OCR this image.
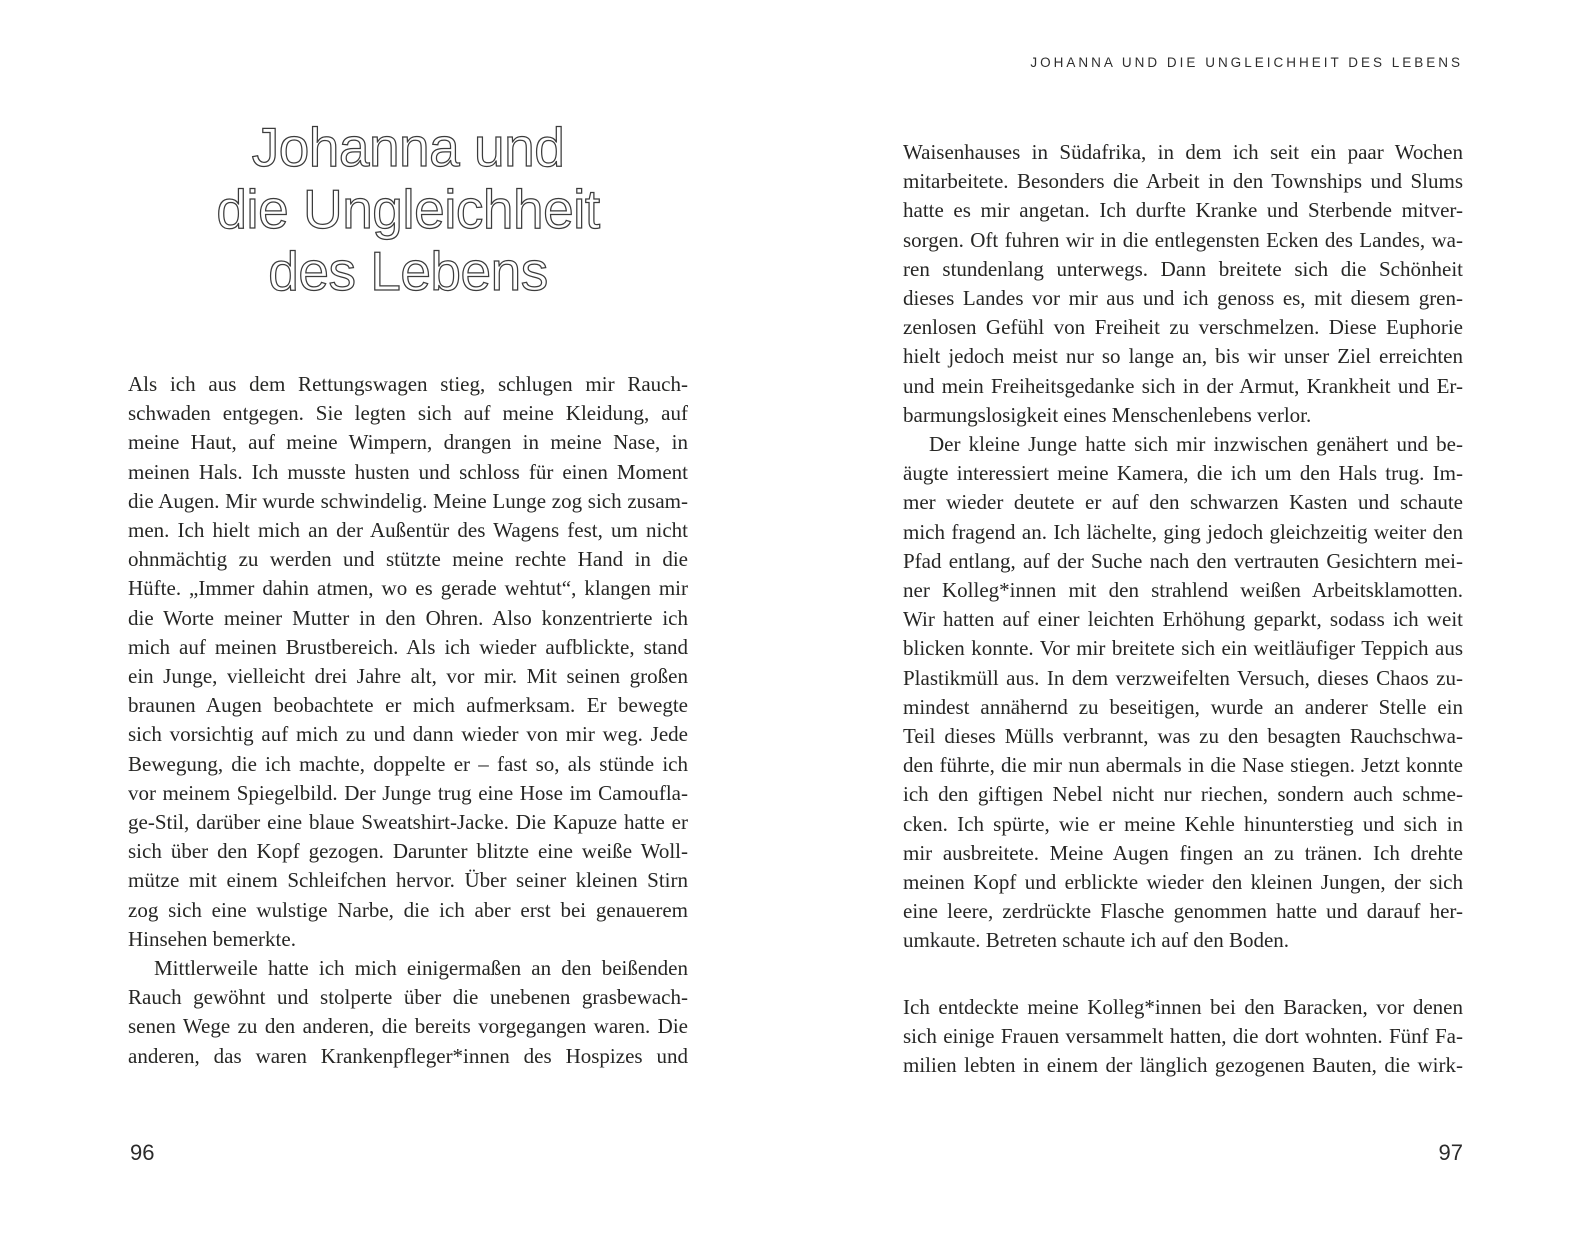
Johanna und
die Ungleichheit
des Lebens
Als ich aus dem Rettungswagen stieg, schlugen mir Rauch-
schwaden entgegen. Sie legten sich auf meine Kleidung, auf
meine Haut, auf meine Wimpern, drangen in meine Nase, in
meinen Hals. Ich musste husten und schloss für einen Moment
die Augen. Mir wurde schwindelig. Meine Lunge zog sich zusam-
men. Ich hielt mich an der Außentür des Wagens fest, um nicht
ohnmächtig zu werden und stützte meine rechte Hand in die
Hüfte. „Immer dahin atmen, wo es gerade wehtut“, klangen mir
die Worte meiner Mutter in den Ohren. Also konzentrierte ich
mich auf meinen Brustbereich. Als ich wieder aufblickte, stand
ein Junge, vielleicht drei Jahre alt, vor mir. Mit seinen großen
braunen Augen beobachtete er mich aufmerksam. Er bewegte
sich vorsichtig auf mich zu und dann wieder von mir weg. Jede
Bewegung, die ich machte, doppelte er – fast so, als stünde ich
vor meinem Spiegelbild. Der Junge trug eine Hose im Camoufla-
ge-Stil, darüber eine blaue Sweatshirt-Jacke. Die Kapuze hatte er
sich über den Kopf gezogen. Darunter blitzte eine weiße Woll-
mütze mit einem Schleifchen hervor. Über seiner kleinen Stirn
zog sich eine wulstige Narbe, die ich aber erst bei genauerem
Hinsehen bemerkte.
Mittlerweile hatte ich mich einigermaßen an den beißenden
Rauch gewöhnt und stolperte über die unebenen grasbewach-
senen Wege zu den anderen, die bereits vorgegangen waren. Die
anderen, das waren Krankenpfleger*innen des Hospizes und
96
JOHANNA UND DIE UNGLEICHHEIT DES LEBENS
Waisenhauses in Südafrika, in dem ich seit ein paar Wochen
mitarbeitete. Besonders die Arbeit in den Townships und Slums
hatte es mir angetan. Ich durfte Kranke und Sterbende mitver-
sorgen. Oft fuhren wir in die entlegensten Ecken des Landes, wa-
ren stundenlang unterwegs. Dann breitete sich die Schönheit
dieses Landes vor mir aus und ich genoss es, mit diesem gren-
zenlosen Gefühl von Freiheit zu verschmelzen. Diese Euphorie
hielt jedoch meist nur so lange an, bis wir unser Ziel erreichten
und mein Freiheitsgedanke sich in der Armut, Krankheit und Er-
barmungslosigkeit eines Menschenlebens verlor.
Der kleine Junge hatte sich mir inzwischen genähert und be-
äugte interessiert meine Kamera, die ich um den Hals trug. Im-
mer wieder deutete er auf den schwarzen Kasten und schaute
mich fragend an. Ich lächelte, ging jedoch gleichzeitig weiter den
Pfad entlang, auf der Suche nach den vertrauten Gesichtern mei-
ner Kolleg*innen mit den strahlend weißen Arbeitsklamotten.
Wir hatten auf einer leichten Erhöhung geparkt, sodass ich weit
blicken konnte. Vor mir breitete sich ein weitläufiger Teppich aus
Plastikmüll aus. In dem verzweifelten Versuch, dieses Chaos zu-
mindest annähernd zu beseitigen, wurde an anderer Stelle ein
Teil dieses Mülls verbrannt, was zu den besagten Rauchschwa-
den führte, die mir nun abermals in die Nase stiegen. Jetzt konnte
ich den giftigen Nebel nicht nur riechen, sondern auch schme-
cken. Ich spürte, wie er meine Kehle hinunterstieg und sich in
mir ausbreitete. Meine Augen fingen an zu tränen. Ich drehte
meinen Kopf und erblickte wieder den kleinen Jungen, der sich
eine leere, zerdrückte Flasche genommen hatte und darauf her-
umkaute. Betreten schaute ich auf den Boden.
Ich entdeckte meine Kolleg*innen bei den Baracken, vor denen
sich einige Frauen versammelt hatten, die dort wohnten. Fünf Fa-
milien lebten in einem der länglich gezogenen Bauten, die wirk-
97
